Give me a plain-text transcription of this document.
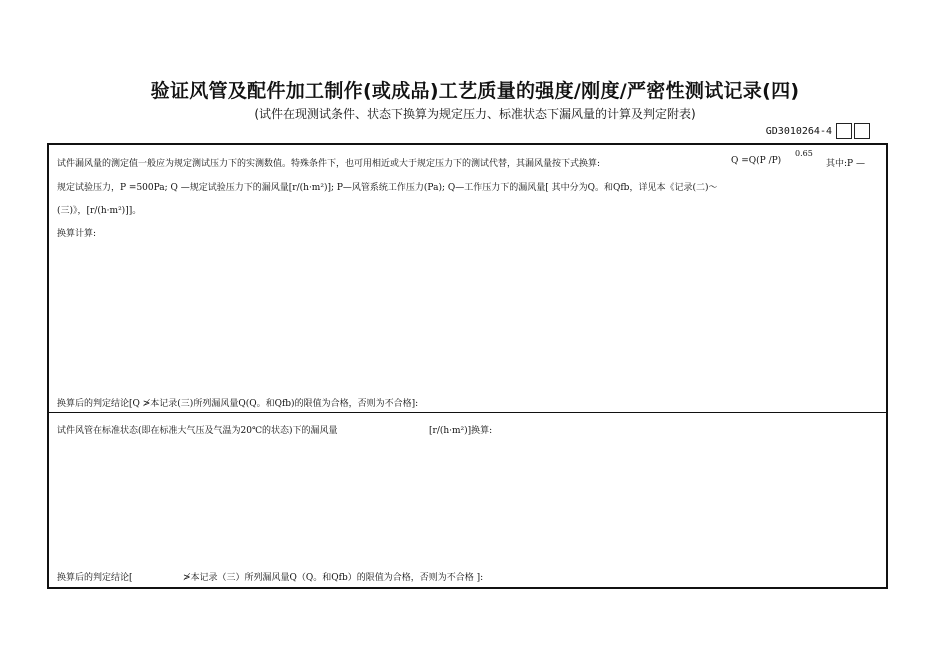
验证风管及配件加工制作(或成品)工艺质量的强度/刚度/严密性测试记录(四)
(试件在现测试条件、状态下换算为规定压力、标准状态下漏风量的计算及判定附表)
GD3010264-4
试件漏风量的测定值一般应为规定测试压力下的实测数值。特殊条件下，也可用相近或大于规定压力下的测试代替，其漏风量按下式换算:	Q =Q(P /P)
0.65
其中:P —
规定试验压力，P =500Pa; Q —规定试验压力下的漏风量[r/(h·m²)]; P—风管系统工作压力(Pa); Q—工作压力下的漏风量[ 其中分为Q。和Qfb，详见本《记录(二)～
(三)》，[r/(h·m²)]]。
换算计算:
换算后的判定结论[Q ≯本记录(三)所列漏风量Q(Q。和Qfb)的限值为合格，否则为不合格]:
试件风管在标准状态(即在标准大气压及气温为20℃的状态)下的漏风量	[r/(h·m²)]换算:
换算后的判定结论[	≯本记录（三）所列漏风量Q（Q。和Qfb）的限值为合格，否则为不合格 ]:
